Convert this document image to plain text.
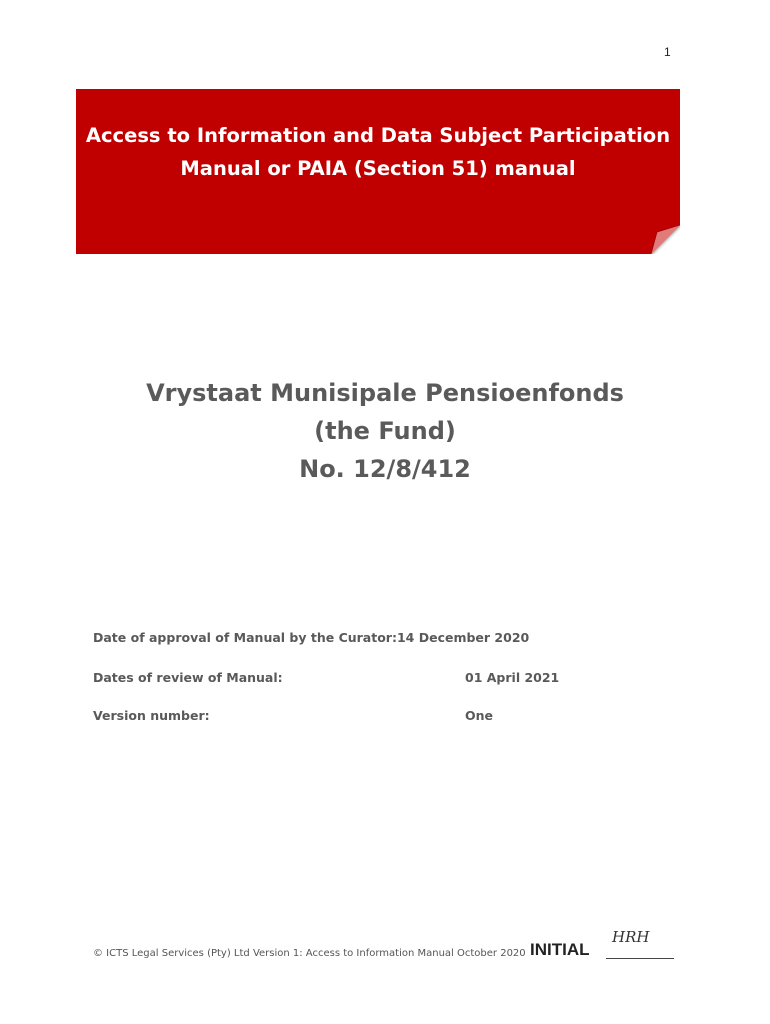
1
Access to Information and Data Subject Participation
Manual or PAIA (Section 51) manual
Vrystaat Munisipale Pensioenfonds
(the Fund)
No. 12/8/412
Date of approval of Manual by the Curator:14 December 2020
Dates of review of Manual:	01 April 2021
Version number:	One
© ICTS Legal Services (Pty) Ltd Version 1: Access to Information Manual October 2020 INITIAL
HRH
